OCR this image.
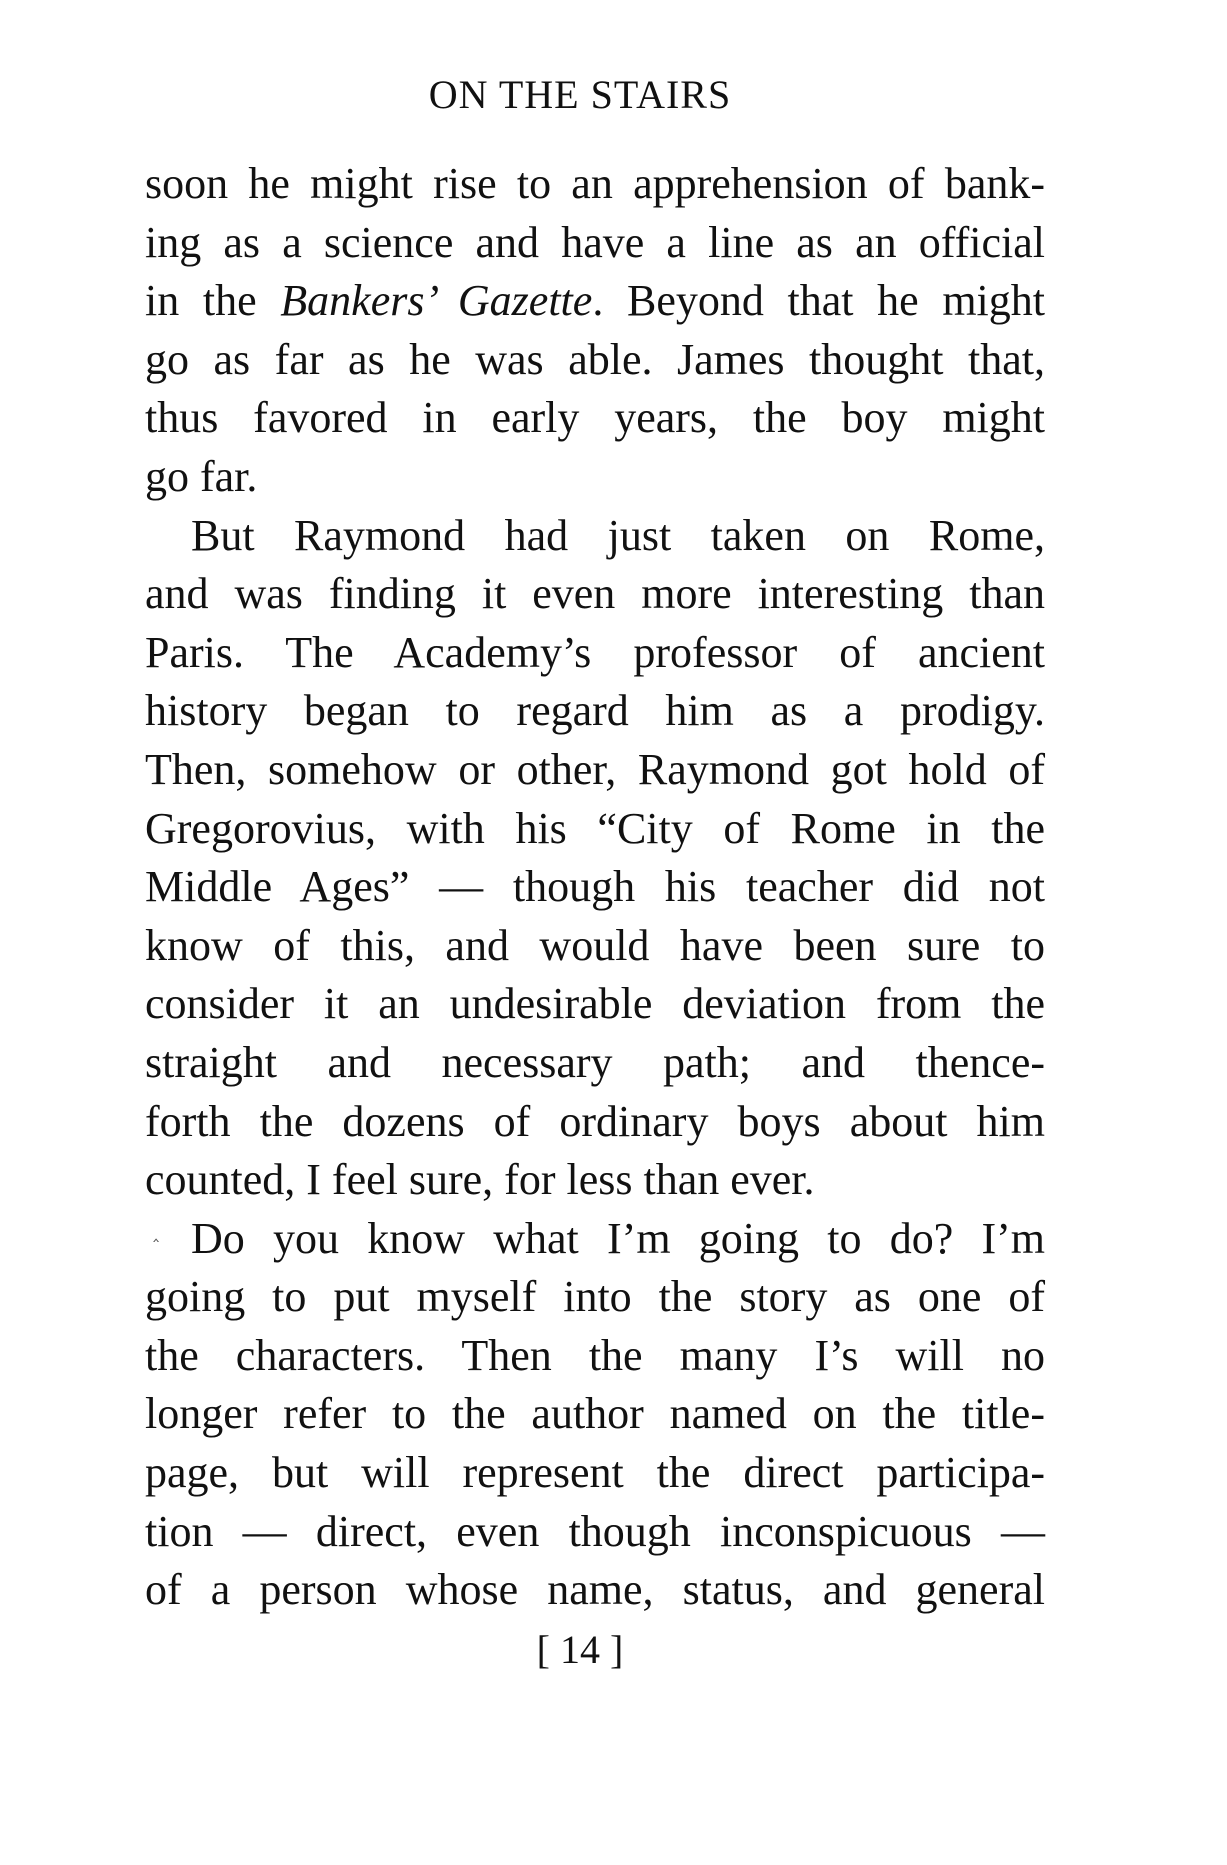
ON THE STAIRS
soon he might rise to an apprehension of bank-
ing as a science and have a line as an official
in the Bankers’ Gazette. Beyond that he might
go as far as he was able. James thought that,
thus favored in early years, the boy might
go far.
But Raymond had just taken on Rome,
and was finding it even more interesting than
Paris. The Academy’s professor of ancient
history began to regard him as a prodigy.
Then, somehow or other, Raymond got hold of
Gregorovius, with his “City of Rome in the
Middle Ages” — though his teacher did not
know of this, and would have been sure to
consider it an undesirable deviation from the
straight and necessary path; and thence-
forth the dozens of ordinary boys about him
counted, I feel sure, for less than ever.
Do you know what I’m going to do? I’m
going to put myself into the story as one of
the characters. Then the many I’s will no
longer refer to the author named on the title-
page, but will represent the direct participa-
tion — direct, even though inconspicuous —
of a person whose name, status, and general
‸
[ 14 ]
